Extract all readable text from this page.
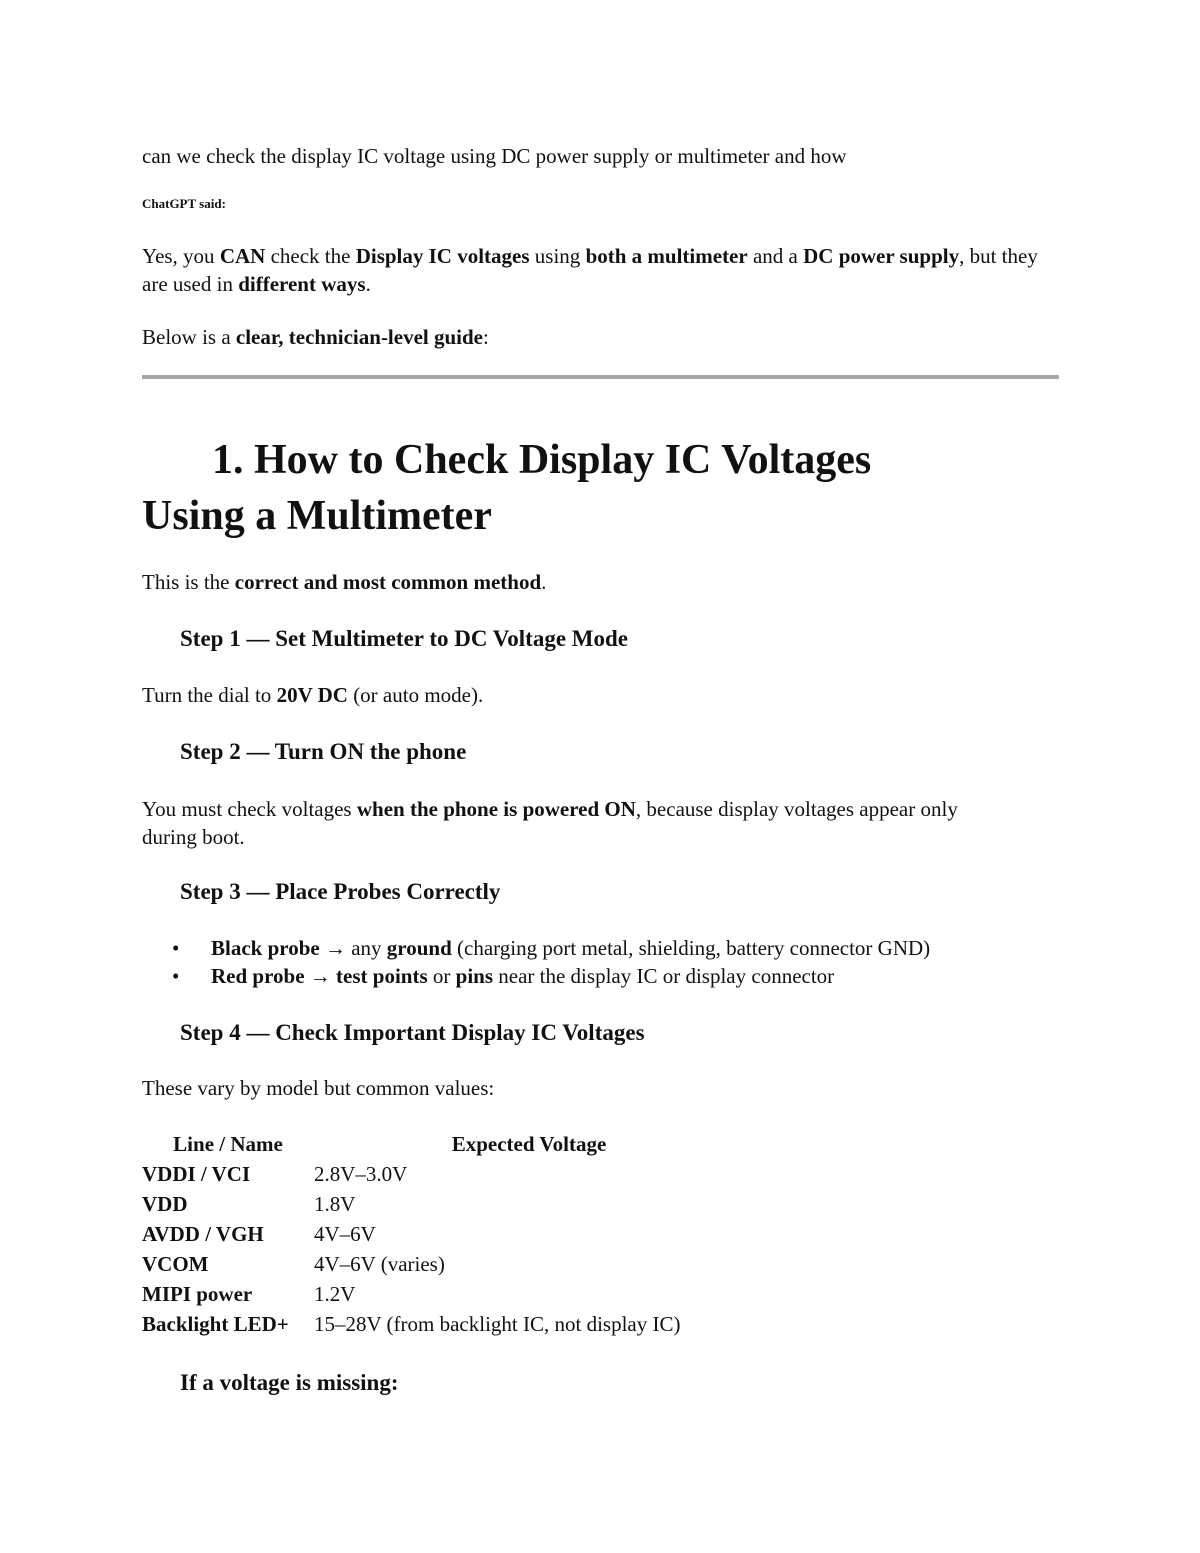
can we check the display IC voltage using DC power supply or multimeter and how

ChatGPT said:

Yes, you CAN check the Display IC voltages using both a multimeter and a DC power supply, but they are used in different ways.

Below is a clear, technician-level guide:

1. How to Check Display IC Voltages
Using a Multimeter

This is the correct and most common method.

Step 1 — Set Multimeter to DC Voltage Mode

Turn the dial to 20V DC (or auto mode).

Step 2 — Turn ON the phone

You must check voltages when the phone is powered ON, because display voltages appear only
during boot.

Step 3 — Place Probes Correctly
• Black probe → any ground (charging port metal, shielding, battery connector GND)
• Red probe → test points or pins near the display IC or display connector
Step 4 — Check Important Display IC Voltages

These vary by model but common values:

Line / Name	Expected Voltage
VDDI / VCI	2.8V–3.0V
VDD	1.8V
AVDD / VGH	4V–6V
VCOM	4V–6V (varies)
MIPI power	1.2V
Backlight LED+	15–28V (from backlight IC, not display IC)
If a voltage is missing:
